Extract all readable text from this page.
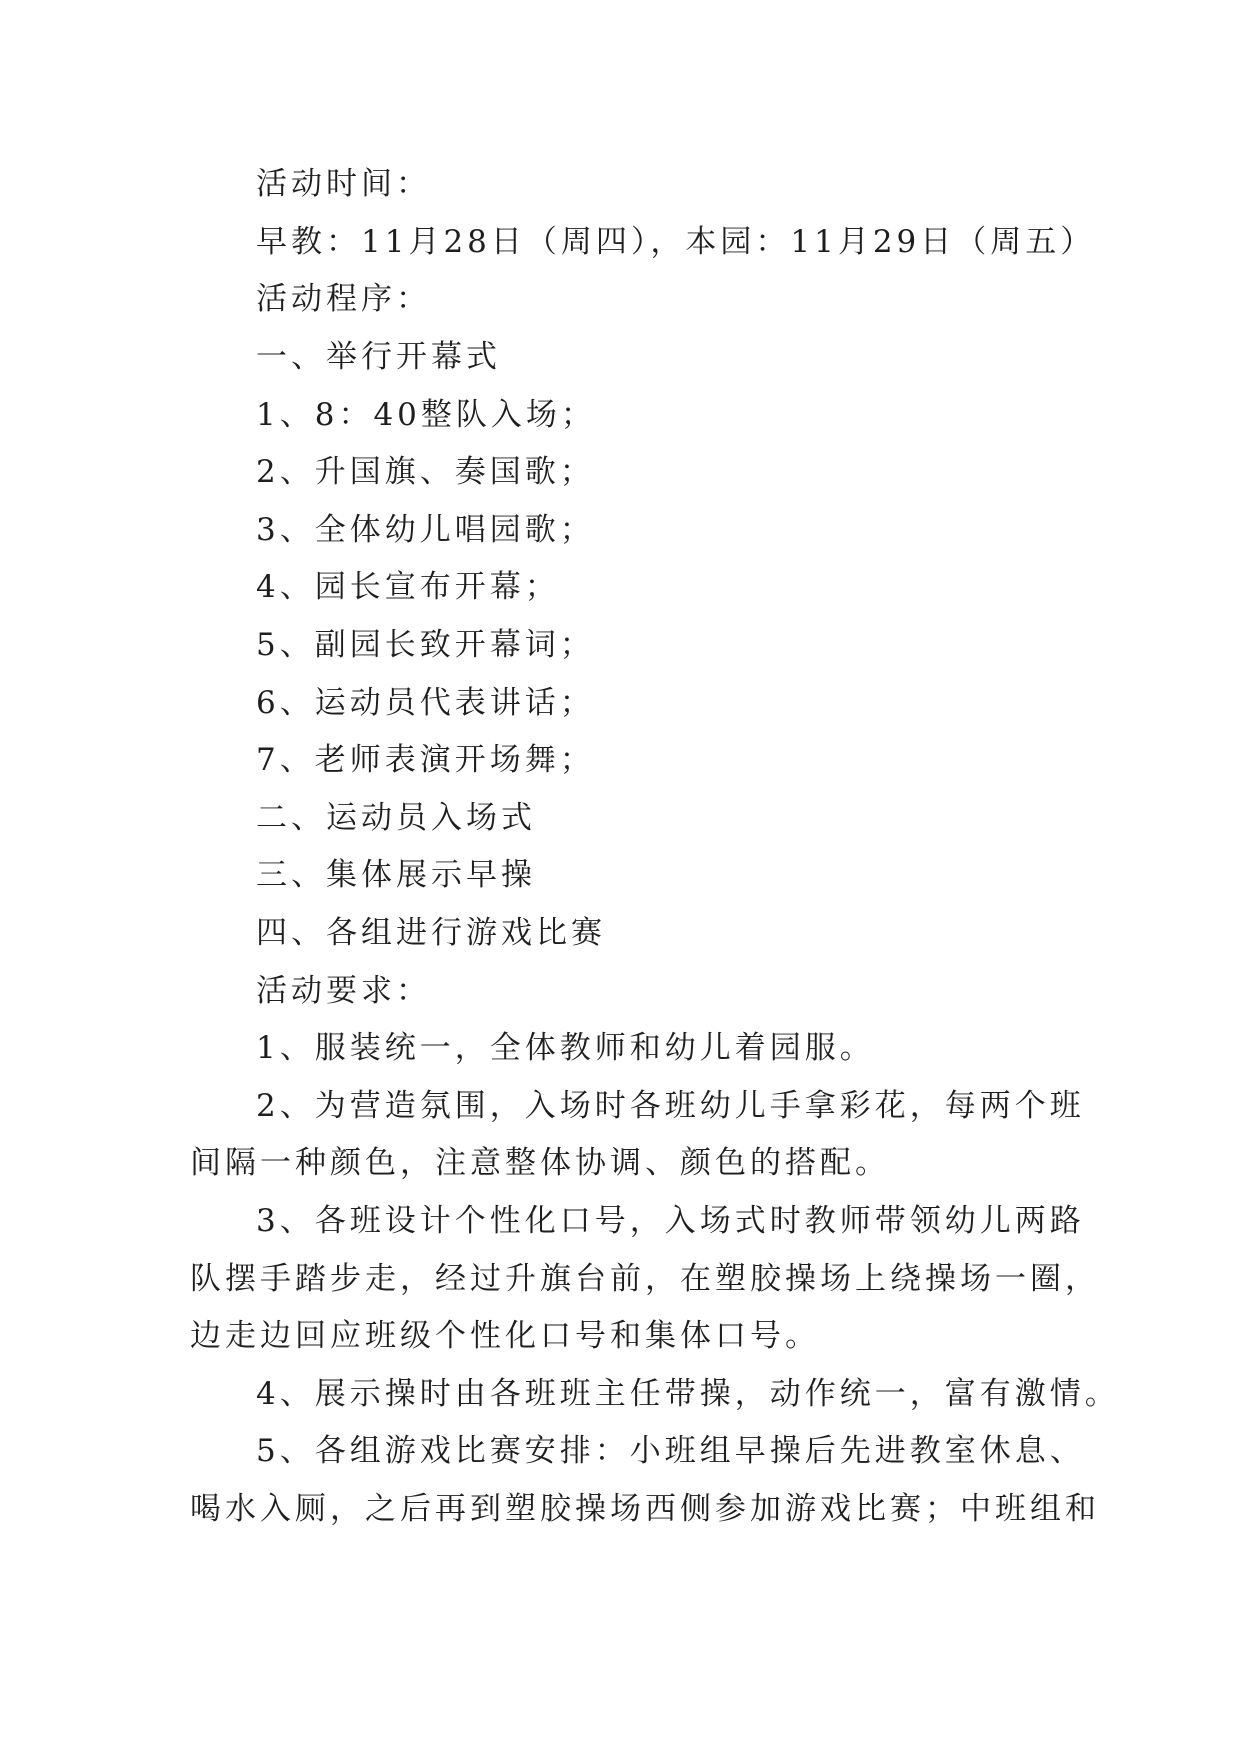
活动时间：
早教：11月28日（周四），本园：11月29日（周五）
活动程序：
一、举行开幕式
1、8：40整队入场；
2、升国旗、奏国歌；
3、全体幼儿唱园歌；
4、园长宣布开幕；
5、副园长致开幕词；
6、运动员代表讲话；
7、老师表演开场舞；
二、运动员入场式
三、集体展示早操
四、各组进行游戏比赛
活动要求：
1、服装统一，全体教师和幼儿着园服。
2、为营造氛围，入场时各班幼儿手拿彩花，每两个班
间隔一种颜色，注意整体协调、颜色的搭配。
3、各班设计个性化口号，入场式时教师带领幼儿两路
队摆手踏步走，经过升旗台前，在塑胶操场上绕操场一圈，
边走边回应班级个性化口号和集体口号。
4、展示操时由各班班主任带操，动作统一，富有激情。
5、各组游戏比赛安排：小班组早操后先进教室休息、
喝水入厕，之后再到塑胶操场西侧参加游戏比赛；中班组和
